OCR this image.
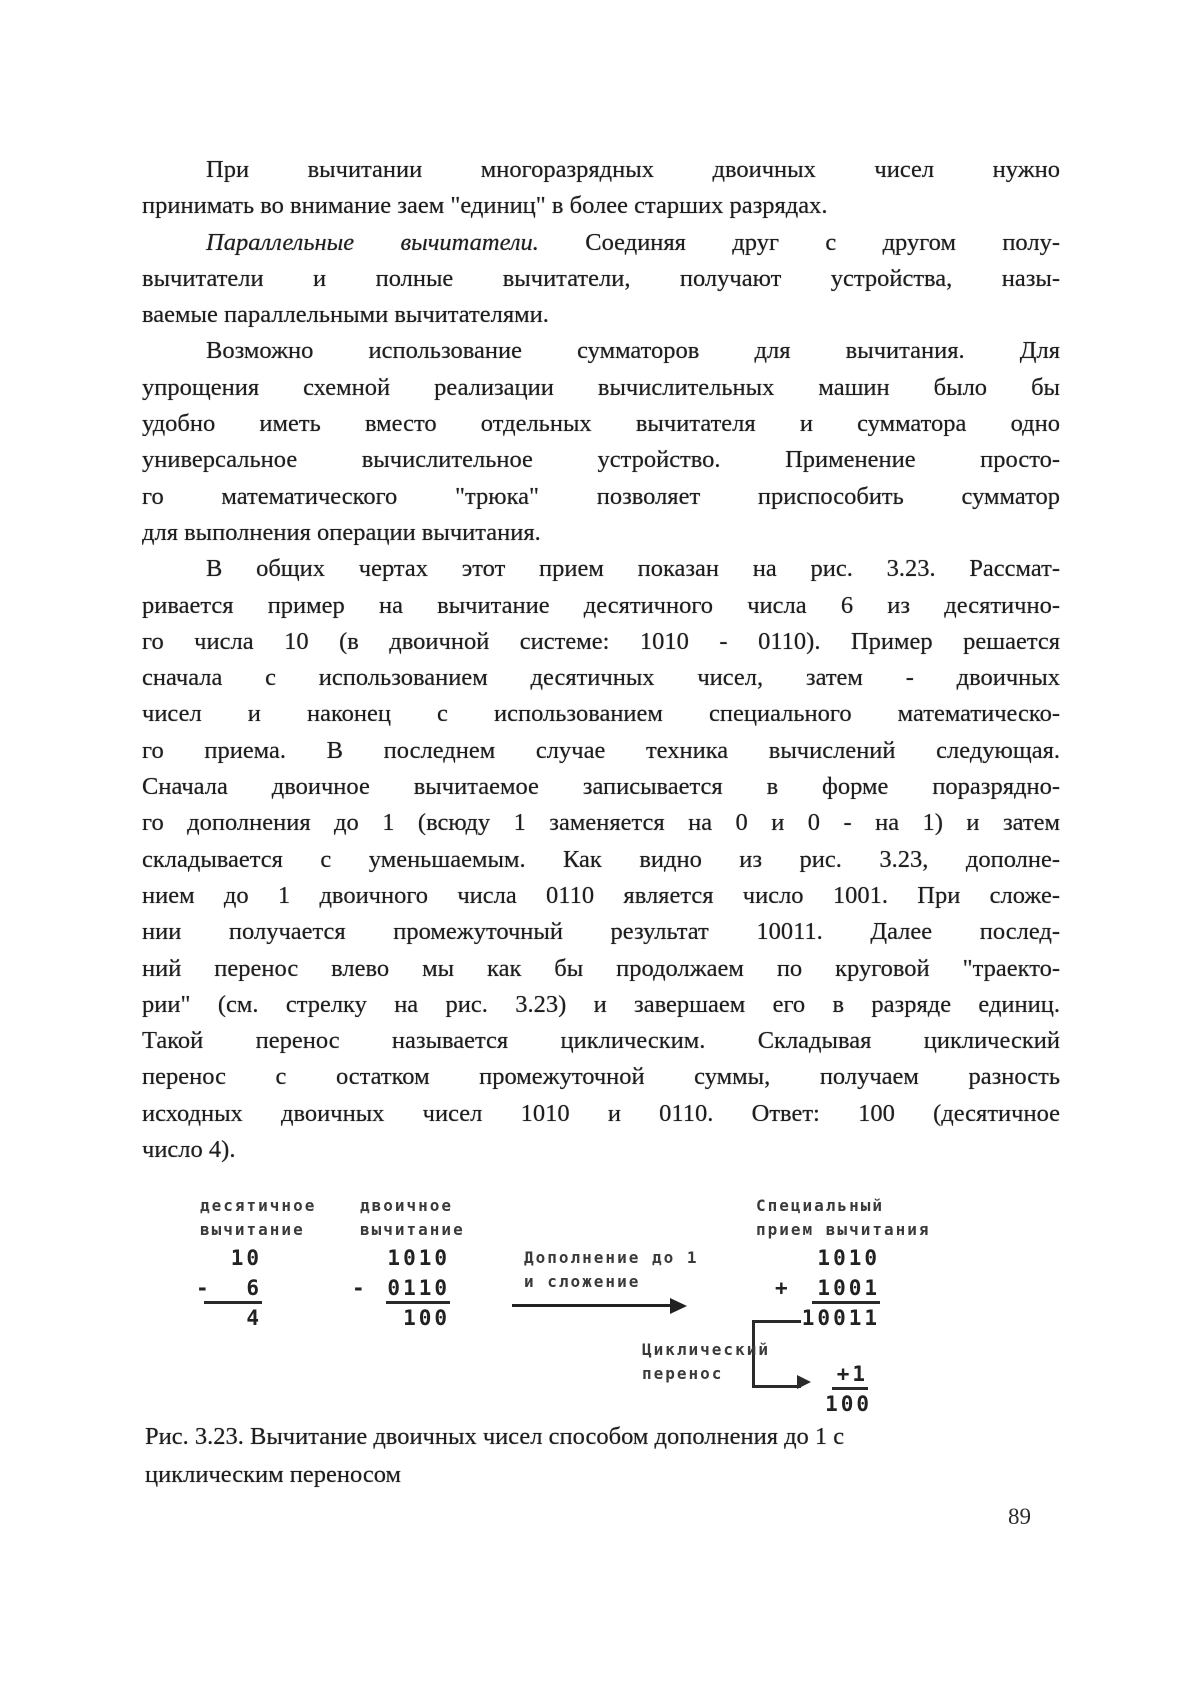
При вычитании многоразрядных двоичных чисел нужно
принимать во внимание заем "единиц" в более старших разрядах.
Параллельные вычитатели. Соединяя друг с другом полу-
вычитатели и полные вычитатели, получают устройства, назы-
ваемые параллельными вычитателями.
Возможно использование сумматоров для вычитания. Для
упрощения схемной реализации вычислительных машин было бы
удобно иметь вместо отдельных вычитателя и сумматора одно
универсальное вычислительное устройство. Применение просто-
го математического "трюка" позволяет приспособить сумматор
для выполнения операции вычитания.
В общих чертах этот прием показан на рис. 3.23. Рассмат-
ривается пример на вычитание десятичного числа 6 из десятично-
го числа 10 (в двоичной системе: 1010 - 0110). Пример решается
сначала с использованием десятичных чисел, затем - двоичных
чисел и наконец с использованием специального математическо-
го приема. В последнем случае техника вычислений следующая.
Сначала двоичное вычитаемое записывается в форме поразрядно-
го дополнения до 1 (всюду 1 заменяется на 0 и 0 - на 1) и затем
складывается с уменьшаемым. Как видно из рис. 3.23, дополне-
нием до 1 двоичного числа 0110 является число 1001. При сложе-
нии получается промежуточный результат 10011. Далее послед-
ний перенос влево мы как бы продолжаем по круговой "траекто-
рии" (см. стрелку на рис. 3.23) и завершаем его в разряде единиц.
Такой перенос называется циклическим. Складывая циклический
перенос с остатком промежуточной суммы, получаем разность
исходных двоичных чисел 1010 и 0110. Ответ: 100 (десятичное
число 4).
десятичное
вычитание
двоичное
вычитание
Специальный
прием вычитания
10
-	6
4
1010
- 0110
100
Дополнение до 1
и сложение
1010
+ 1001
10011
+1
100
Циклический
перенос
Рис. 3.23. Вычитание двоичных чисел способом дополнения до 1 с
циклическим переносом
89
